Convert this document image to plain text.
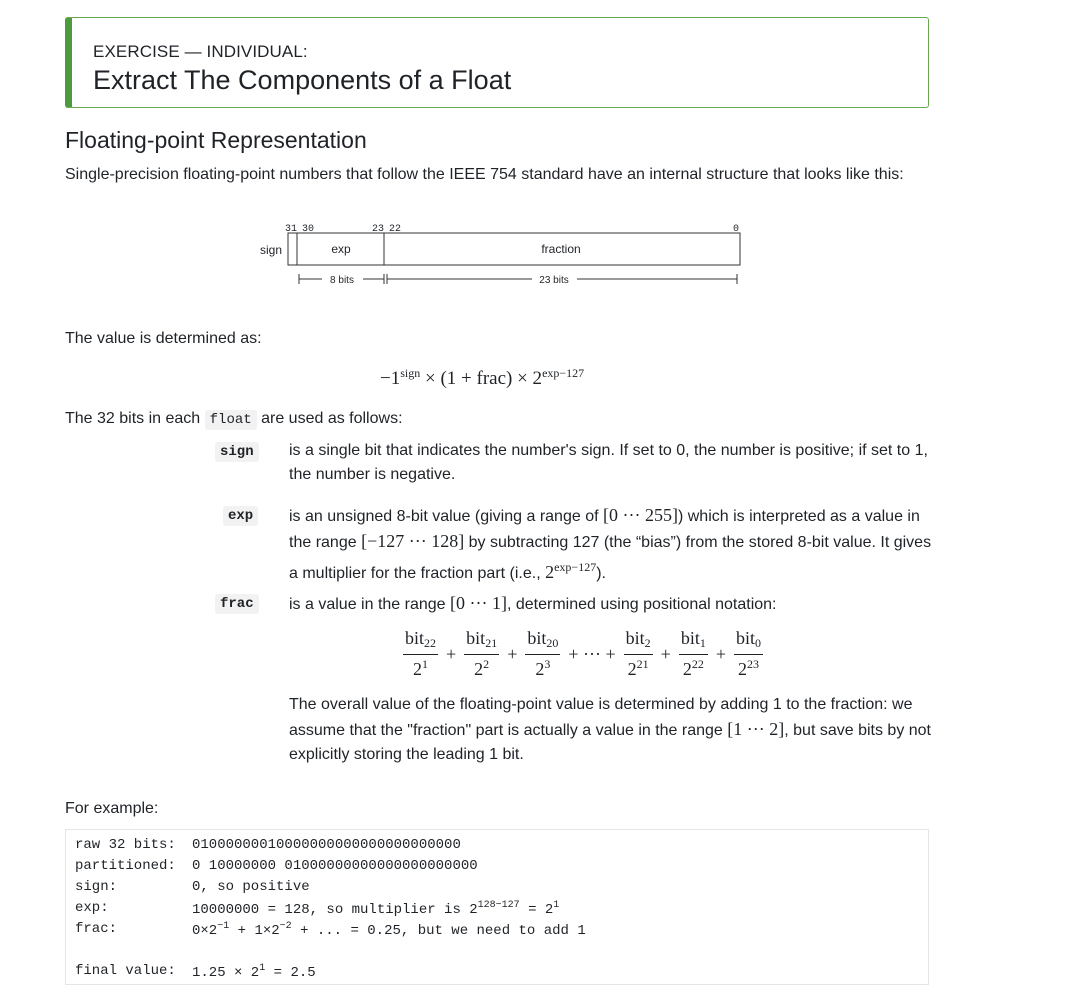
EXERCISE — INDIVIDUAL:
Extract The Components of a Float
Floating-point Representation
Single-precision floating-point numbers that follow the IEEE 754 standard have an internal structure that looks like this:
31 30	23 22	0
sign	exp	fraction
8 bits	23 bits
The value is determined as:
$-1^{sign} \times (1$ + frac) × $2^{exp-127}$
The 32 bits in each float are used as follows:
sign	is a single bit that indicates the number's sign. If set to 0, the number is positive; if set to 1, the number is negative.
exp	is an unsigned 8-bit value (giving a range of [0 ··· 255]) which is interpreted as a value in the range [−127 ··· 128] by subtracting 127 (the “bias”) from the stored 8-bit value. It gives a multiplier for the fraction part (i.e., $2^{exp-127}$).
frac	is a value in the range [0 ··· 1], determined using positional notation:
$\frac{bit_{22}}{2^1} + \frac{bit_{21}}{2^2} + \frac{bit_{20}}{2^3}$ + ··· + $\frac{bit_2}{2^{21}} + \frac{bit_1}{2^{22}} + \frac{bit_0}{2^{23}}$
The overall value of the floating-point value is determined by adding 1 to the fraction: we assume that the "fraction" part is actually a value in the range [1 ··· 2], but save bits by not explicitly storing the leading 1 bit.
For example:
raw 32 bits: 01000000010000000000000000000000
partitioned: 0 10000000 01000000000000000000000
sign:	0, so positive
exp:	10000000 = 128, so multiplier is $2^{128-127} = 2^1$
frac:	$0\times 2^{-1} + 1\times 2^{-2}$ + ... = 0.25, but we need to add 1
final value: $1.25 \times 2^1 = 2.5$
